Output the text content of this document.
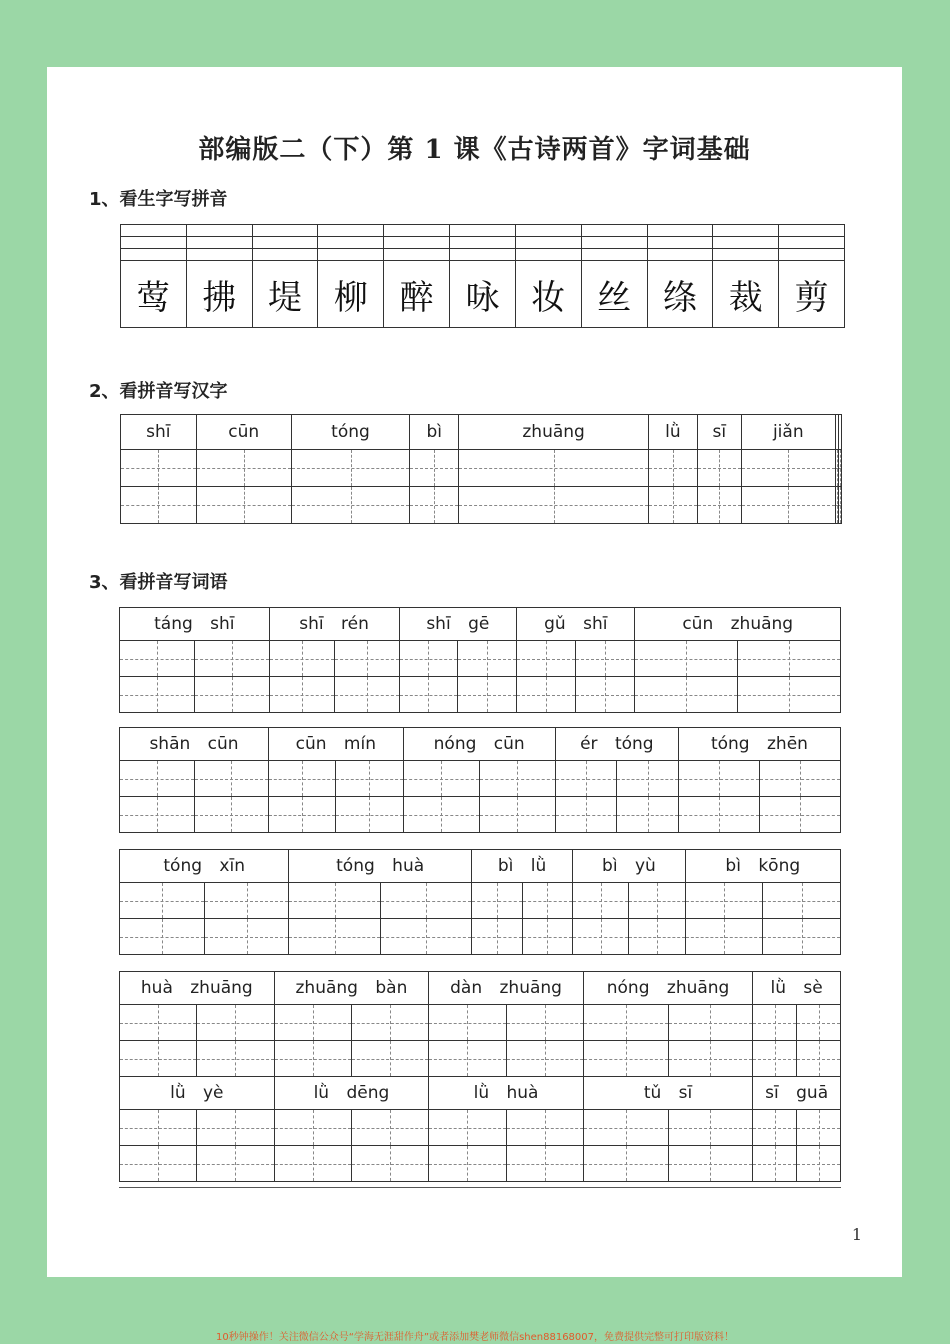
部编版二（下）第 1 课《古诗两首》字词基础
1、看生字写拼音

莺	拂	堤	柳	醉	咏	妆	丝	绦	裁	剪
2、看拼音写汉字
shī	cūn	tóng	bì	zhuāng	lǜ	sī	jiǎn		

3、看拼音写词语
táng shī		shī rén		shī gē		gǔ shī		cūn zhuāng	

shān cūn		cūn mín		nóng cūn		ér tóng		tóng zhēn	

tóng xīn		tóng huà		bì lǜ		bì yù		bì kōng	

huà zhuāng		zhuāng bàn		dàn zhuāng		nóng zhuāng		lǜ sè	

lǜ yè		lǜ dēng		lǜ huà		tǔ sī		sī guā	

1
10秒钟操作！关注微信公众号“学海无涯甜作舟”或者添加樊老师微信shen88168007，免费提供完整可打印版资料！
